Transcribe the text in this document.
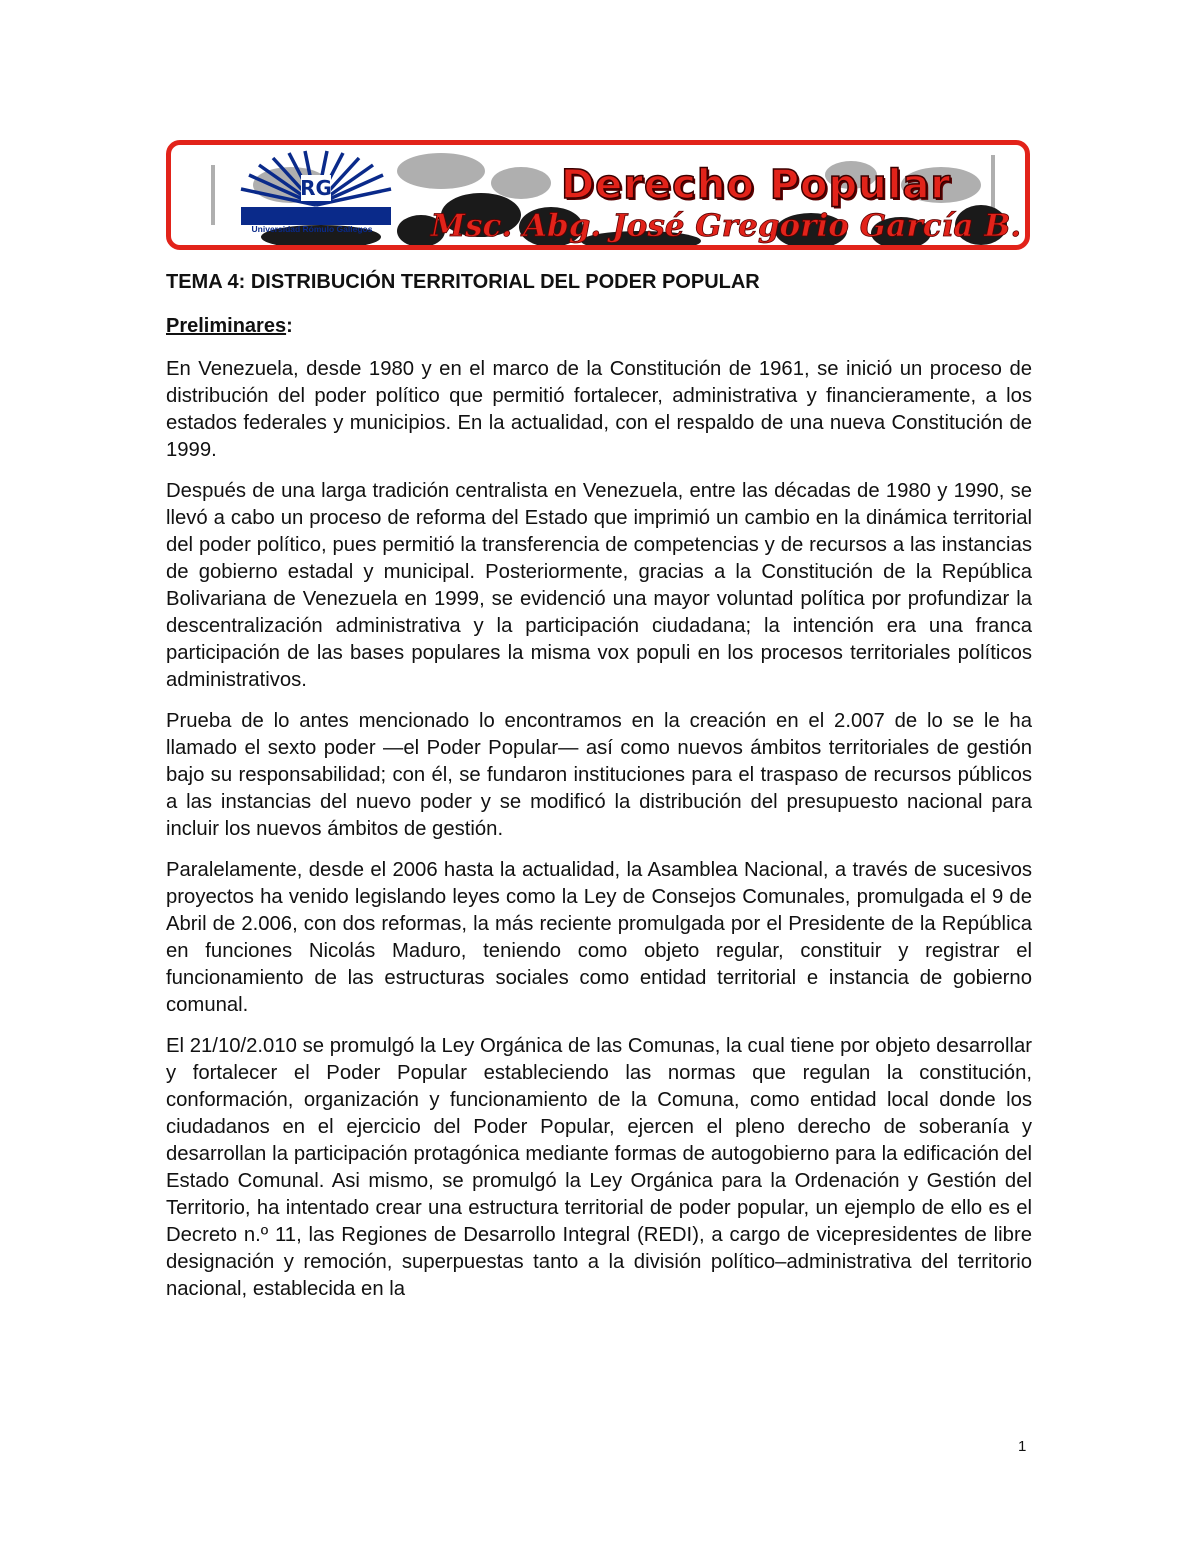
RG	Derecho Popular
Msc. Abg. José Gregorio García B.
Universidad Rómulo Gallegos
TEMA 4: DISTRIBUCIÓN TERRITORIAL DEL PODER POPULAR
Preliminares:

En Venezuela, desde 1980 y en el marco de la Constitución de 1961, se inició un proceso de distribución del poder político que permitió fortalecer, administrativa y financieramente, a los estados federales y municipios. En la actualidad, con el respaldo de una nueva Constitución de 1999.

Después de una larga tradición centralista en Venezuela, entre las décadas de 1980 y 1990, se llevó a cabo un proceso de reforma del Estado que imprimió un cambio en la dinámica territorial del poder político, pues permitió la transferencia de competencias y de recursos a las instancias de gobierno estadal y municipal. Posteriormente, gracias a la Constitución de la República Bolivariana de Venezuela en 1999, se evidenció una mayor voluntad política por profundizar la descentralización administrativa y la participación ciudadana; la intención era una franca participación de las bases populares la misma vox populi en los procesos territoriales políticos administrativos.

Prueba de lo antes mencionado lo encontramos en la creación en el 2.007 de lo se le ha llamado el sexto poder —el Poder Popular— así como nuevos ámbitos territoriales de gestión bajo su responsabilidad; con él, se fundaron instituciones para el traspaso de recursos públicos a las instancias del nuevo poder y se modificó la distribución del presupuesto nacional para incluir los nuevos ámbitos de gestión.

Paralelamente, desde el 2006 hasta la actualidad, la Asamblea Nacional, a través de sucesivos proyectos ha venido legislando leyes como la Ley de Consejos Comunales, promulgada el 9 de Abril de 2.006, con dos reformas, la más reciente promulgada por el Presidente de la República en funciones Nicolás Maduro, teniendo como objeto regular, constituir y registrar el funcionamiento de las estructuras sociales como entidad territorial e instancia de gobierno comunal.

El 21/10/2.010 se promulgó la Ley Orgánica de las Comunas, la cual tiene por objeto desarrollar y fortalecer el Poder Popular estableciendo las normas que regulan la constitución, conformación, organización y funcionamiento de la Comuna, como entidad local donde los ciudadanos en el ejercicio del Poder Popular, ejercen el pleno derecho de soberanía y desarrollan la participación protagónica mediante formas de autogobierno para la edificación del Estado Comunal. Asi mismo, se promulgó la Ley Orgánica para la Ordenación y Gestión del Territorio, ha intentado crear una estructura territorial de poder popular, un ejemplo de ello es el Decreto n.º 11, las Regiones de Desarrollo Integral (REDI), a cargo de vicepresidentes de libre designación y remoción, superpuestas tanto a la división político–administrativa del territorio nacional, establecida en la

1
